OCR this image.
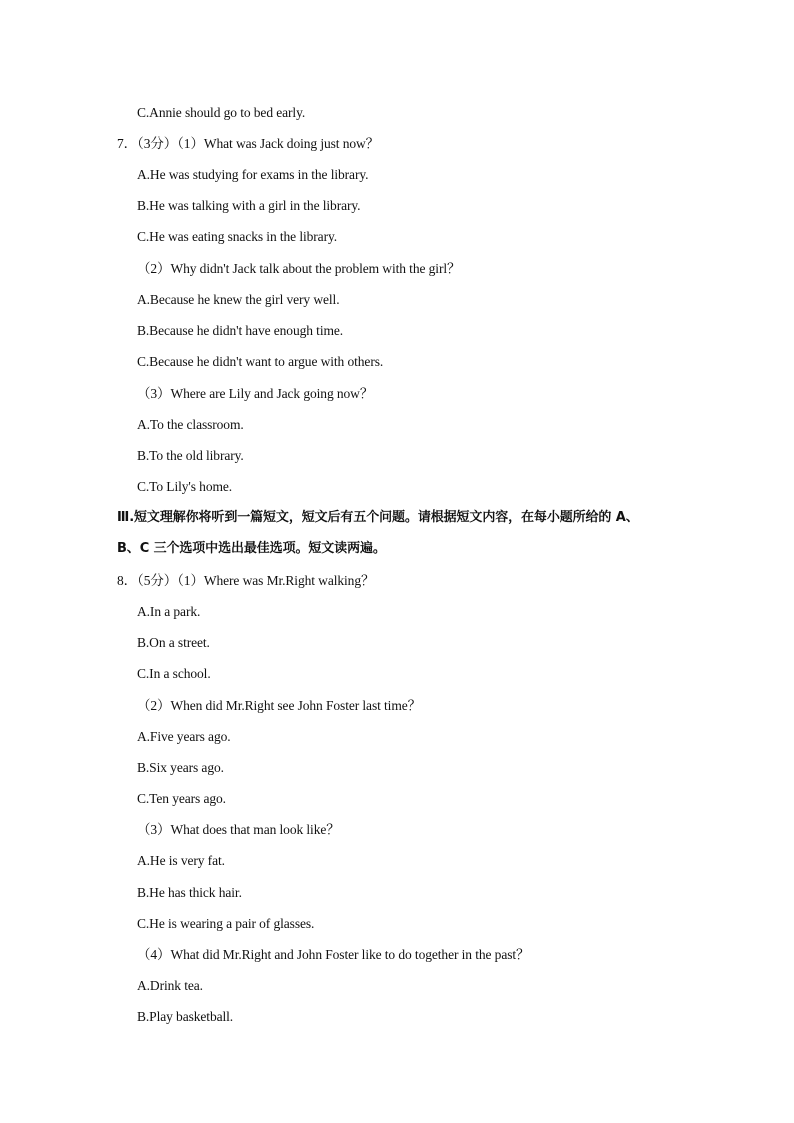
C.Annie should go to bed early.
7．（3分）（1）What was Jack doing just now？
A.He was studying for exams in the library.
B.He was talking with a girl in the library.
C.He was eating snacks in the library.
（2）Why didn't Jack talk about the problem with the girl？
A.Because he knew the girl very well.
B.Because he didn't have enough time.
C.Because he didn't want to argue with others.
（3）Where are Lily and Jack going now？
A.To the classroom.
B.To the old library.
C.To Lily's home.
Ⅲ.短文理解你将听到一篇短文，短文后有五个问题。请根据短文内容，在每小题所给的 A、
B、C 三个选项中选出最佳选项。短文读两遍。
8．（5分）（1）Where was Mr.Right walking？
A.In a park.
B.On a street.
C.In a school.
（2）When did Mr.Right see John Foster last time？
A.Five years ago.
B.Six years ago.
C.Ten years ago.
（3）What does that man look like？
A.He is very fat.
B.He has thick hair.
C.He is wearing a pair of glasses.
（4）What did Mr.Right and John Foster like to do together in the past？
A.Drink tea.
B.Play basketball.
